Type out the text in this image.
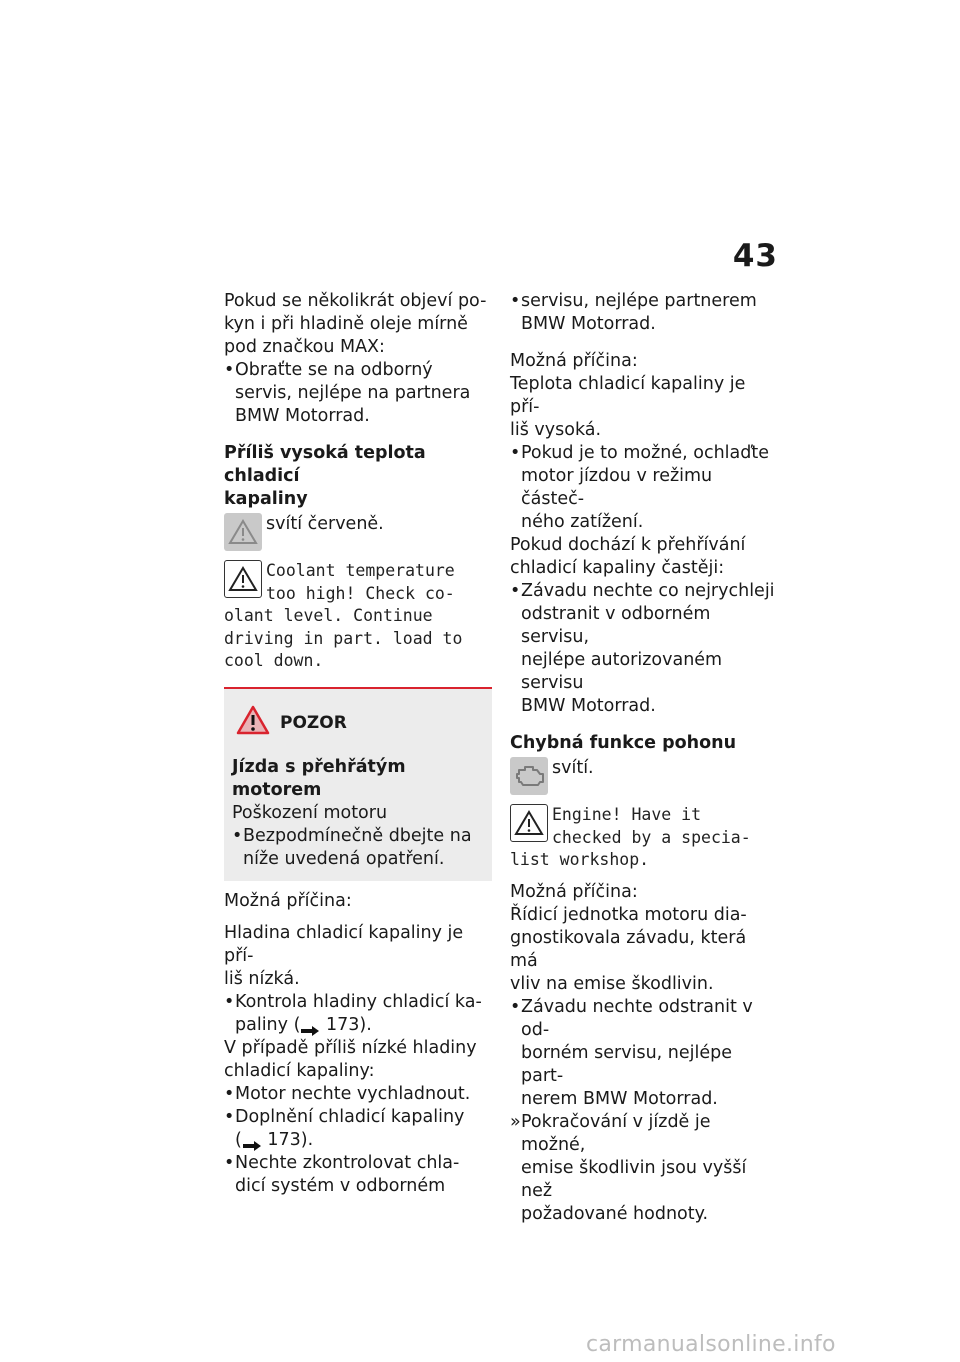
43

Pokud se několikrát objeví po-

kyn i při hladině oleje mírně

pod značkou MAX:

• Obraťte se na odborný
servis, nejlépe na partnera
BMW Motorrad.
Příliš vysoká teplota chladicí
kapaliny
svítí červeně.
Coolant temperature
too high! Check co-
olant level. Continue
driving in part. load to
cool down.
POZOR
Jízda s přehřátým motorem
Poškození motoru
• Bezpodmínečně dbejte na
níže uvedená opatření.

Možná příčina:

Hladina chladicí kapaliny je pří-

liš nízká.

• Kontrola hladiny chladicí ka-
paliny ( 173).

V případě příliš nízké hladiny

chladicí kapaliny:

• Motor nechte vychladnout.
• Doplnění chladicí kapaliny
( 173).
• Nechte zkontrolovat chla-
dicí systém v odborném
• servisu, nejlépe partnerem
BMW Motorrad.

Možná příčina:

Teplota chladicí kapaliny je pří-

liš vysoká.

• Pokud je to možné, ochlaďte
motor jízdou v režimu částeč-
ného zatížení.

Pokud dochází k přehřívání

chladicí kapaliny častěji:

• Závadu nechte co nejrychleji
odstranit v odborném servisu,
nejlépe autorizovaném servisu
BMW Motorrad.
Chybná funkce pohonu
svítí.
Engine! Have it
checked by a specia-
list workshop.

Možná příčina:

Řídicí jednotka motoru dia-

gnostikovala závadu, která má

vliv na emise škodlivin.

• Závadu nechte odstranit v od-
borném servisu, nejlépe part-
nerem BMW Motorrad.
» Pokračování v jízdě je možné,
emise škodlivin jsou vyšší než
požadované hodnoty.
carmanualsonline.info
